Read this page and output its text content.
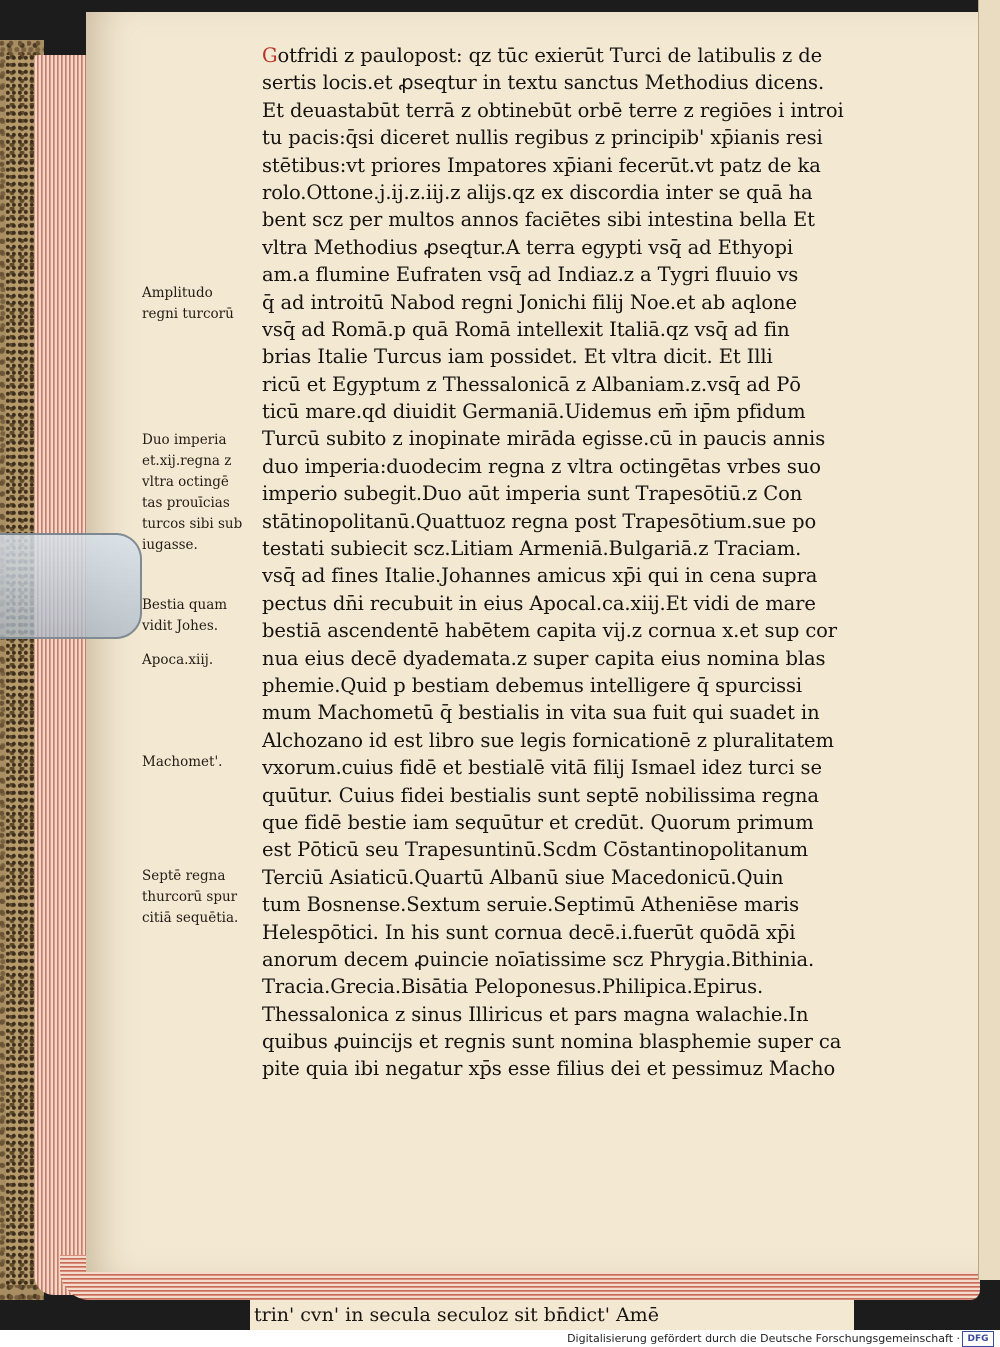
Amplitudo
regni turcorū
Duo imperia
et.xij.regna z
vltra octingē
tas prouīcias
turcos sibi sub
iugasse.
Bestia quam
vidit Johes.
Apoca.xiij.
Machomet'.
Septē regna
thurcorū spur
citiā sequētia.
Gotfridi z paulopost: qz tūc exierūt Turci de latibulis z de
sertis locis.et ꝓseqtur in textu sanctus Methodius dicens.
Et deuastabūt terrā z obtinebūt orbē terre z regiōes i introi
tu pacis:q̄si diceret nullis regibus z principib' xp̄ianis resi
stētibus:vt priores Impatores xp̄iani fecerūt.vt patz de ka
rolo.Ottone.j.ij.z.iij.z alijs.qz ex discordia inter se quā ha
bent scz per multos annos faciētes sibi intestina bella Et
vltra Methodius ꝓseqtur.A terra egypti vsq̄ ad Ethyopi
am.a flumine Eufraten vsq̄ ad Indiaz.z a Tygri fluuio vs
q̄ ad introitū Nabod regni Jonichi filij Noe.et ab aqlone
vsq̄ ad Romā.p quā Romā intellexit Italiā.qz vsq̄ ad fin
brias Italie Turcus iam possidet. Et vltra dicit. Et Illi
ricū et Egyptum z Thessalonicā z Albaniam.z.vsq̄ ad Pō
ticū mare.qd diuidit Germaniā.Uidemus em̄ ip̄m pfidum
Turcū subito z inopinate mirāda egisse.cū in paucis annis
duo imperia:duodecim regna z vltra octingētas vrbes suo
imperio subegit.Duo aūt imperia sunt Trapesōtiū.z Con
stātinopolitanū.Quattuoz regna post Trapesōtium.sue po
testati subiecit scz.Litiam Armeniā.Bulgariā.z Traciam.
vsq̄ ad fines Italie.Johannes amicus xp̄i qui in cena supra
pectus dn̄i recubuit in eius Apocal.ca.xiij.Et vidi de mare
bestiā ascendentē habētem capita vij.z cornua x.et sup cor
nua eius decē dyademata.z super capita eius nomina blas
phemie.Quid p bestiam debemus intelligere q̄ spurcissi
mum Machometū q̄ bestialis in vita sua fuit qui suadet in
Alchozano id est libro sue legis fornicationē z pluralitatem
vxorum.cuius fidē et bestialē vitā filij Ismael idez turci se
quūtur. Cuius fidei bestialis sunt septē nobilissima regna
que fidē bestie iam sequūtur et credūt. Quorum primum
est Pōticū seu Trapesuntinū.Scdm Cōstantinopolitanum
Terciū Asiaticū.Quartū Albanū siue Macedonicū.Quin
tum Bosnense.Sextum seruie.Septimū Atheniēse maris
Helespōtici. In his sunt cornua decē.i.fuerūt quōdā xp̄i
anorum decem ꝓuincie noīatissime scz Phrygia.Bithinia.
Tracia.Grecia.Bisātia Peloponesus.Philipica.Epirus.
Thessalonica z sinus Illiricus et pars magna walachie.In
quibus ꝓuincijs et regnis sunt nomina blasphemie super ca
pite quia ibi negatur xp̄s esse filius dei et pessimuz Macho
trin' cvn' in secula seculoz sit bn̄dict' Amē
Digitalisierung gefördert durch die Deutsche Forschungsgemeinschaft · DFG
